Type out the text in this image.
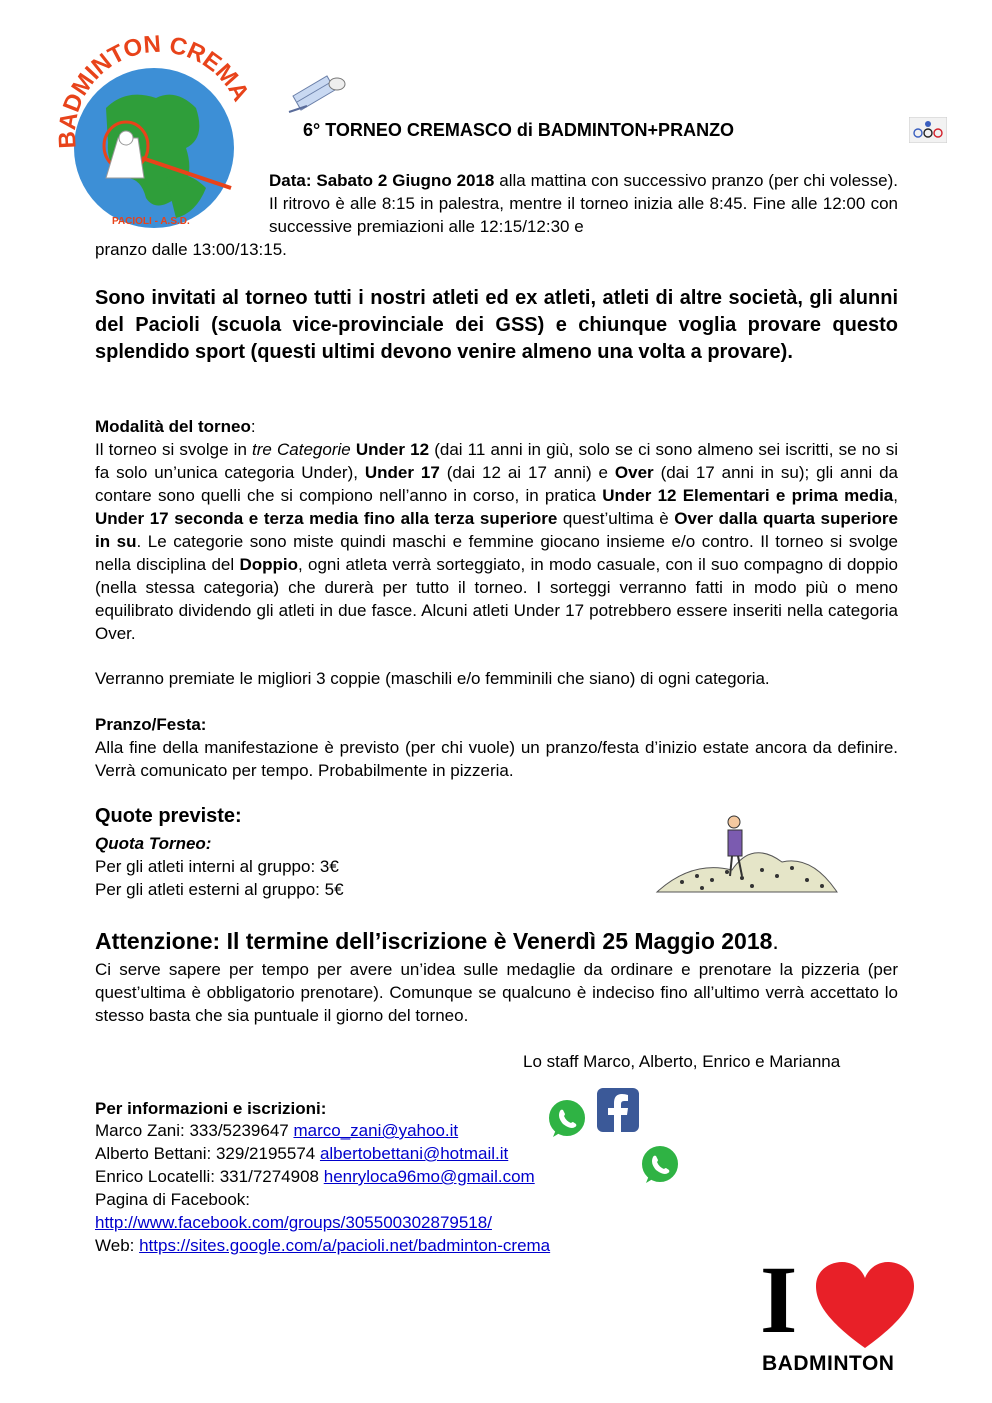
BADMINTON CREMA
PACIOLI - A.S.D.
6° TORNEO CREMASCO di BADMINTON+PRANZO
Data: Sabato 2 Giugno 2018 alla mattina con successivo pranzo (per chi volesse). Il ritrovo è alle 8:15 in palestra, mentre il torneo inizia alle 8:45. Fine alle 12:00 con successive premiazioni alle 12:15/12:30 e
pranzo dalle 13:00/13:15.
Sono invitati al torneo tutti i nostri atleti ed ex atleti, atleti di altre società, gli alunni del Pacioli (scuola vice-provinciale dei GSS) e chiunque voglia provare questo splendido sport (questi ultimi devono venire almeno una volta a provare).
Modalità del torneo:
Il torneo si svolge in tre Categorie Under 12 (dai 11 anni in giù, solo se ci sono almeno sei iscritti, se no si fa solo un’unica categoria Under), Under 17 (dai 12 ai 17 anni) e Over (dai 17 anni in su); gli anni da contare sono quelli che si compiono nell’anno in corso, in pratica Under 12 Elementari e prima media, Under 17 seconda e terza media fino alla terza superiore quest’ultima è Over dalla quarta superiore in su. Le categorie sono miste quindi maschi e femmine giocano insieme e/o contro. Il torneo si svolge nella disciplina del Doppio, ogni atleta verrà sorteggiato, in modo casuale, con il suo compagno di doppio (nella stessa categoria) che durerà per tutto il torneo. I sorteggi verranno fatti in modo più o meno equilibrato dividendo gli atleti in due fasce. Alcuni atleti Under 17 potrebbero essere inseriti nella categoria Over.
Verranno premiate le migliori 3 coppie (maschili e/o femminili che siano) di ogni categoria.
Pranzo/Festa:
Alla fine della manifestazione è previsto (per chi vuole) un pranzo/festa d’inizio estate ancora da definire. Verrà comunicato per tempo. Probabilmente in pizzeria.
Quote previste:
Quota Torneo:
Per gli atleti interni al gruppo: 3€
Per gli atleti esterni al gruppo: 5€
Attenzione: Il termine dell’iscrizione è Venerdì 25 Maggio 2018.
Ci serve sapere per tempo per avere un’idea sulle medaglie da ordinare e prenotare la pizzeria (per quest’ultima è obbligatorio prenotare). Comunque se qualcuno è indeciso fino all’ultimo verrà accettato lo stesso basta che sia puntuale il giorno del torneo.
Lo staff Marco, Alberto, Enrico e Marianna
Per informazioni e iscrizioni:
Marco Zani: 333/5239647 marco_zani@yahoo.it
Alberto Bettani: 329/2195574 albertobettani@hotmail.it
Enrico Locatelli: 331/7274908 henryloca96mo@gmail.com
Pagina di Facebook:
http://www.facebook.com/groups/305500302879518/
Web: https://sites.google.com/a/pacioli.net/badminton-crema
I
BADMINTON
